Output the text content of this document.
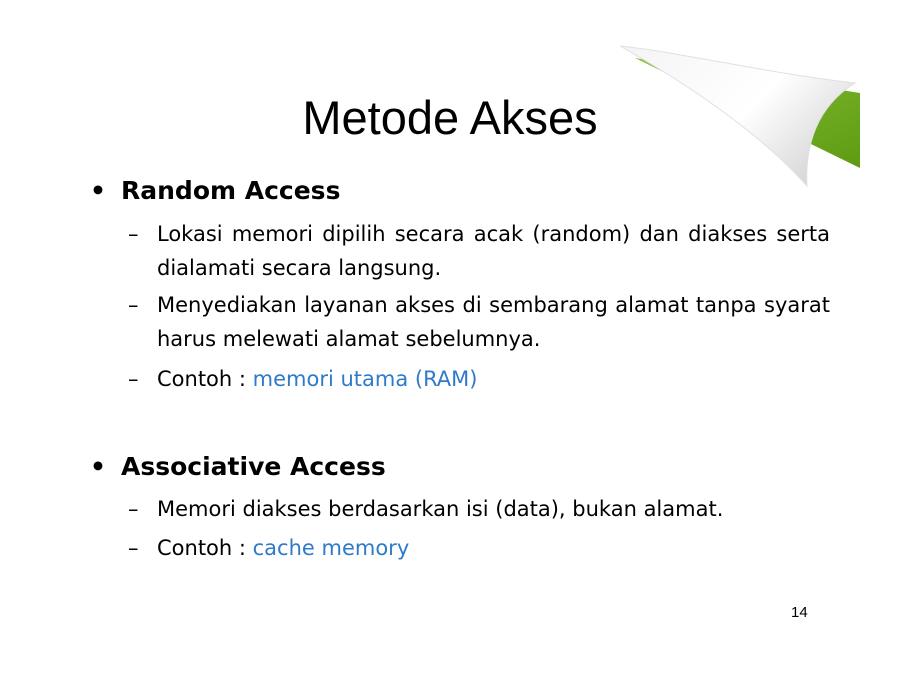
Metode Akses
• Random Access
– Lokasi memori dipilih secara acak (random) dan diakses serta dialamati secara langsung.
– Menyediakan layanan akses di sembarang alamat tanpa syarat harus melewati alamat sebelumnya.
– Contoh : memori utama (RAM)
• Associative Access
– Memori diakses berdasarkan isi (data), bukan alamat.
– Contoh : cache memory
14
